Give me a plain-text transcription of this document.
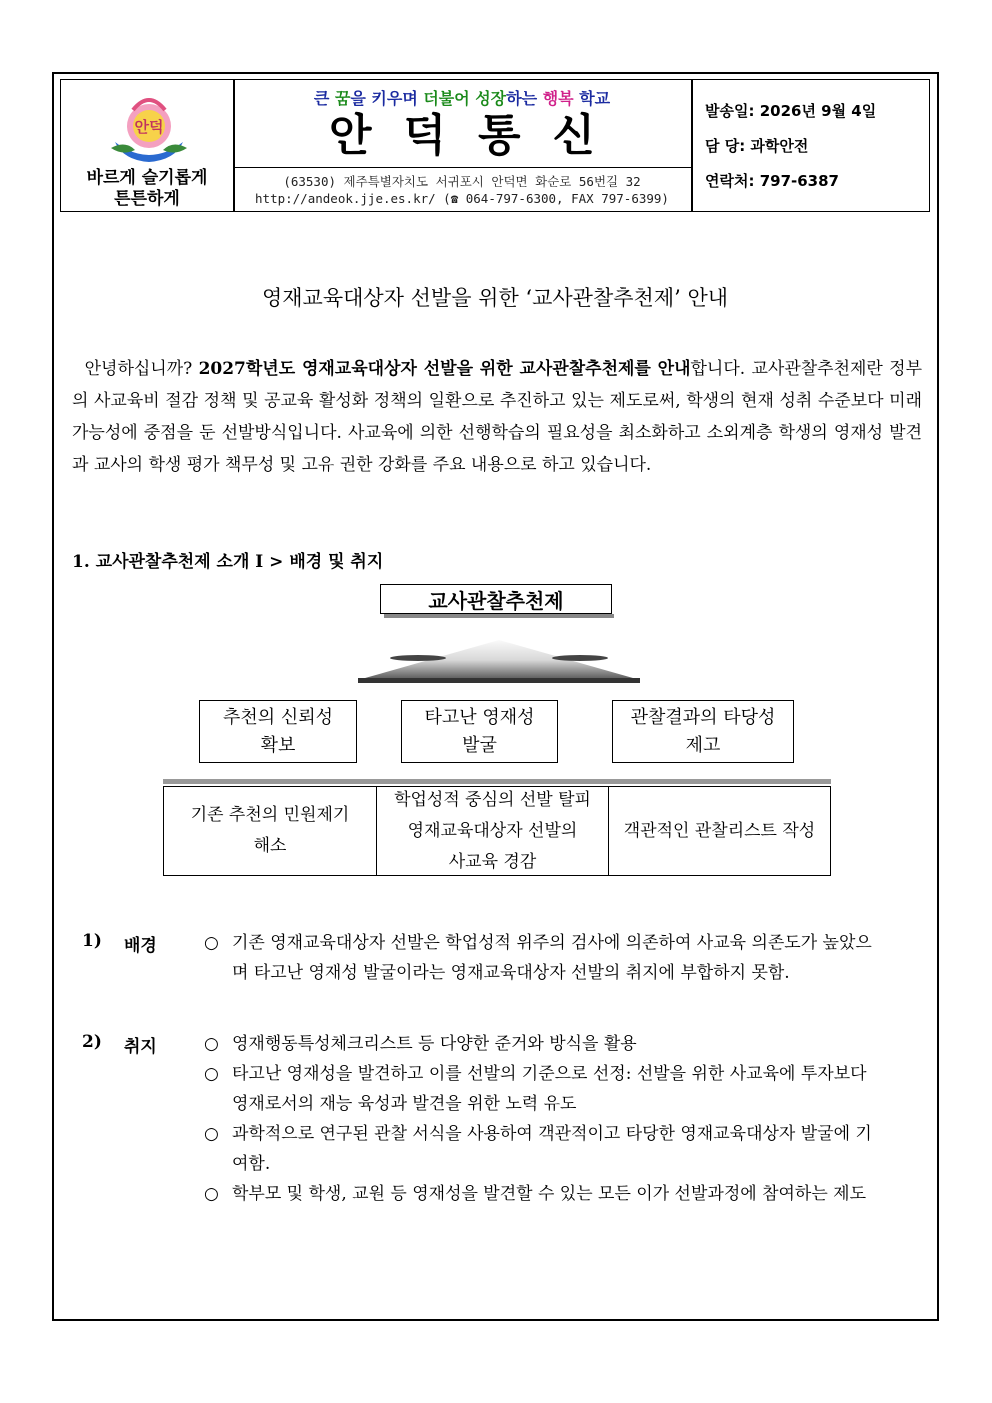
안덕
바르게 슬기롭게
튼튼하게
큰 꿈을 키우며 더불어 성장하는 행복 학교
안덕통신
(63530) 제주특별자치도 서귀포시 안덕면 화순로 56번길 32
http://andeok.jje.es.kr/ (☎ 064-797-6300, FAX 797-6399)
발송일: 2026년 9월 4일
담 당: 과학안전
연락처: 797-6387
영재교육대상자 선발을 위한 ‘교사관찰추천제’ 안내
안녕하십니까? 2027학년도 영재교육대상자 선발을 위한 교사관찰추천제를 안내합니다. 교사관찰추천제란 정부의 사교육비 절감 정책 및 공교육 활성화 정책의 일환으로 추진하고 있는 제도로써, 학생의 현재 성취 수준보다 미래 가능성에 중점을 둔 선발방식입니다. 사교육에 의한 선행학습의 필요성을 최소화하고 소외계층 학생의 영재성 발견과 교사의 학생 평가 책무성 및 고유 권한 강화를 주요 내용으로 하고 있습니다.
1. 교사관찰추천제 소개 I > 배경 및 취지
교사관찰추천제
추천의 신뢰성
확보
타고난 영재성
발굴
관찰결과의 타당성
제고
기존 추천의 민원제기
해소
학업성적 중심의 선발 탈피
영재교육대상자 선발의
사교육 경감
객관적인 관찰리스트 작성
1) 배경	○ 기존 영재교육대상자 선발은 학업성적 위주의 검사에 의존하여 사교육 의존도가 높았으며 타고난 영재성 발굴이라는 영재교육대상자 선발의 취지에 부합하지 못함.
2) 취지	○ 영재행동특성체크리스트 등 다양한 준거와 방식을 활용
○ 타고난 영재성을 발견하고 이를 선발의 기준으로 선정: 선발을 위한 사교육에 투자보다 영재로서의 재능 육성과 발견을 위한 노력 유도
○ 과학적으로 연구된 관찰 서식을 사용하여 객관적이고 타당한 영재교육대상자 발굴에 기여함.
○ 학부모 및 학생, 교원 등 영재성을 발견할 수 있는 모든 이가 선발과정에 참여하는 제도
